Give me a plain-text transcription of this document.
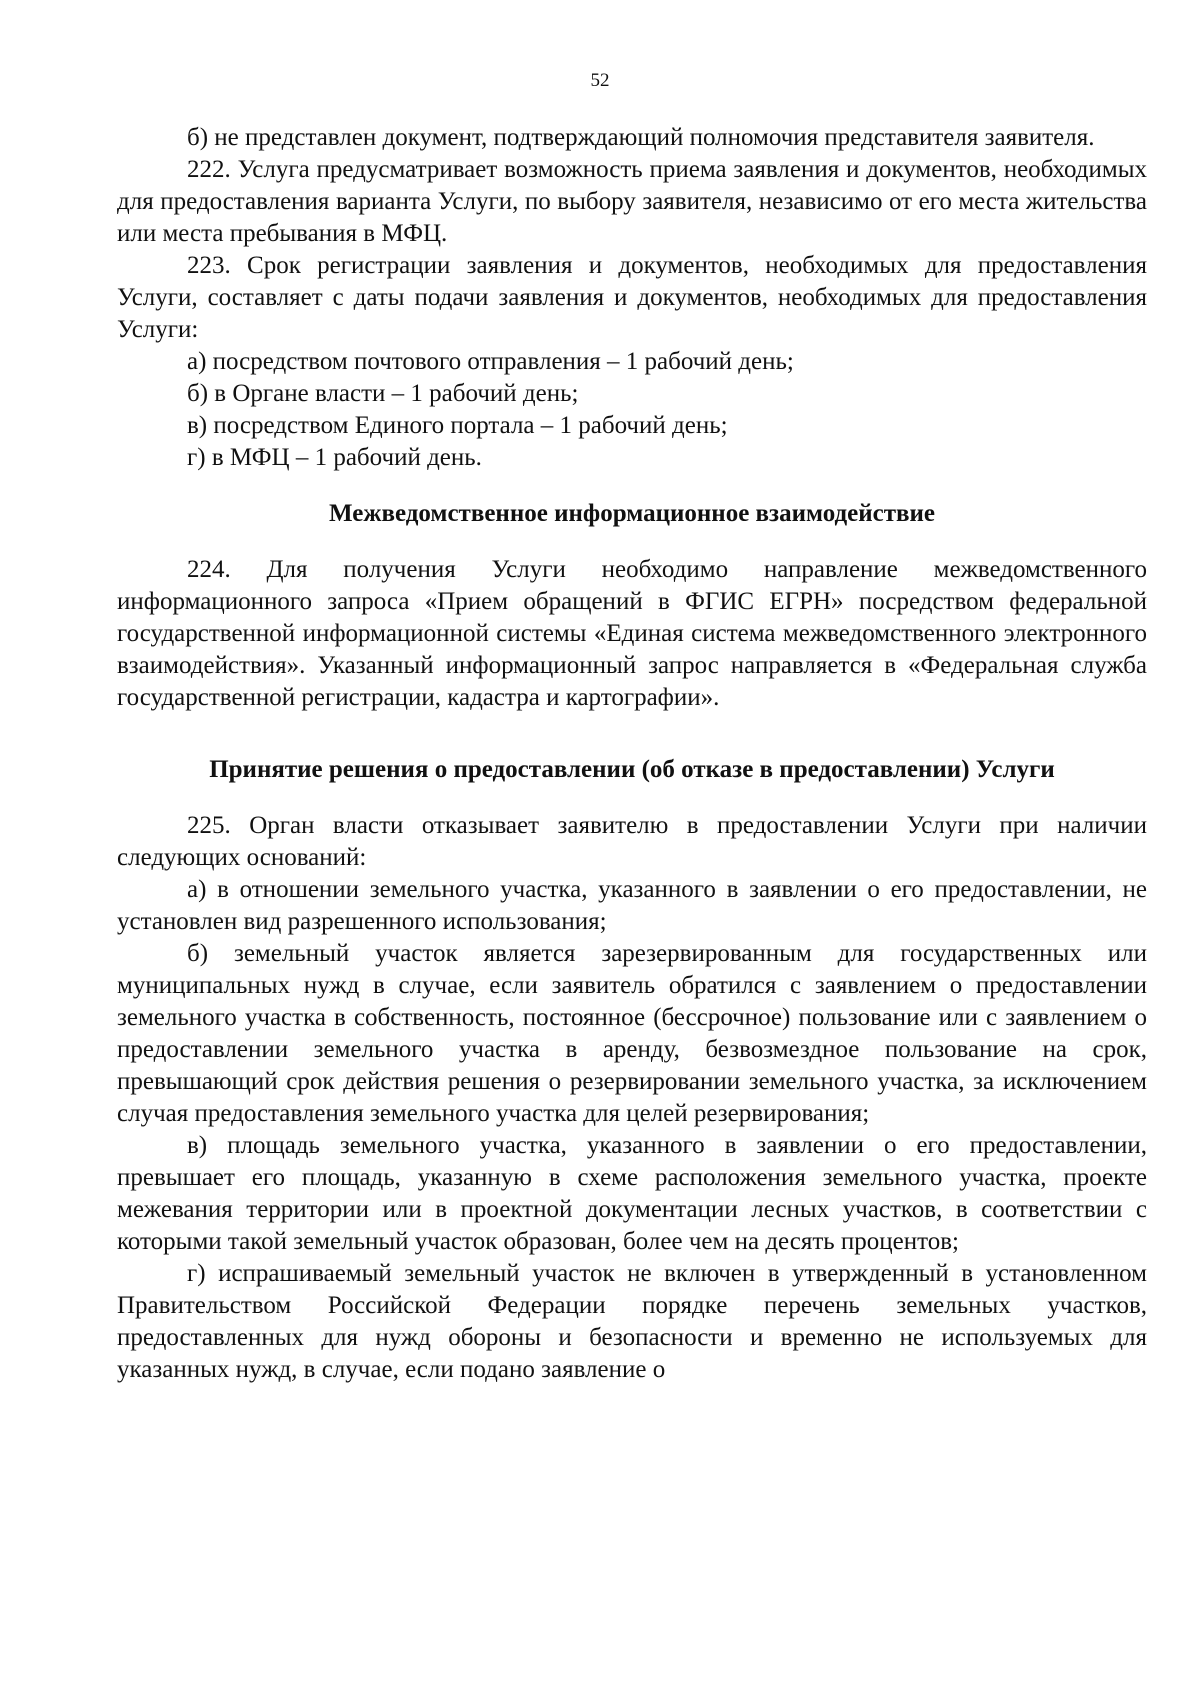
52

б) не представлен документ, подтверждающий полномочия представителя заявителя.

222. Услуга предусматривает возможность приема заявления и документов, необходимых для предоставления варианта Услуги, по выбору заявителя, независимо от его места жительства или места пребывания в МФЦ.

223. Срок регистрации заявления и документов, необходимых для предоставления Услуги, составляет с даты подачи заявления и документов, необходимых для предоставления Услуги:

а) посредством почтового отправления – 1 рабочий день;

б) в Органе власти – 1 рабочий день;

в) посредством Единого портала – 1 рабочий день;

г) в МФЦ – 1 рабочий день.

Межведомственное информационное взаимодействие

224. Для получения Услуги необходимо направление межведомственного информационного запроса «Прием обращений в ФГИС ЕГРН» посредством федеральной государственной информационной системы «Единая система межведомственного электронного взаимодействия». Указанный информационный запрос направляется в «Федеральная служба государственной регистрации, кадастра и картографии».

Принятие решения о предоставлении (об отказе в предоставлении) Услуги

225. Орган власти отказывает заявителю в предоставлении Услуги при наличии следующих оснований:

а) в отношении земельного участка, указанного в заявлении о его предоставлении, не установлен вид разрешенного использования;

б) земельный участок является зарезервированным для государственных или муниципальных нужд в случае, если заявитель обратился с заявлением о предоставлении земельного участка в собственность, постоянное (бессрочное) пользование или с заявлением о предоставлении земельного участка в аренду, безвозмездное пользование на срок, превышающий срок действия решения о резервировании земельного участка, за исключением случая предоставления земельного участка для целей резервирования;

в) площадь земельного участка, указанного в заявлении о его предоставлении, превышает его площадь, указанную в схеме расположения земельного участка, проекте межевания территории или в проектной документации лесных участков, в соответствии с которыми такой земельный участок образован, более чем на десять процентов;

г) испрашиваемый земельный участок не включен в утвержденный в установленном Правительством Российской Федерации порядке перечень земельных участков, предоставленных для нужд обороны и безопасности и временно не используемых для указанных нужд, в случае, если подано заявление о
